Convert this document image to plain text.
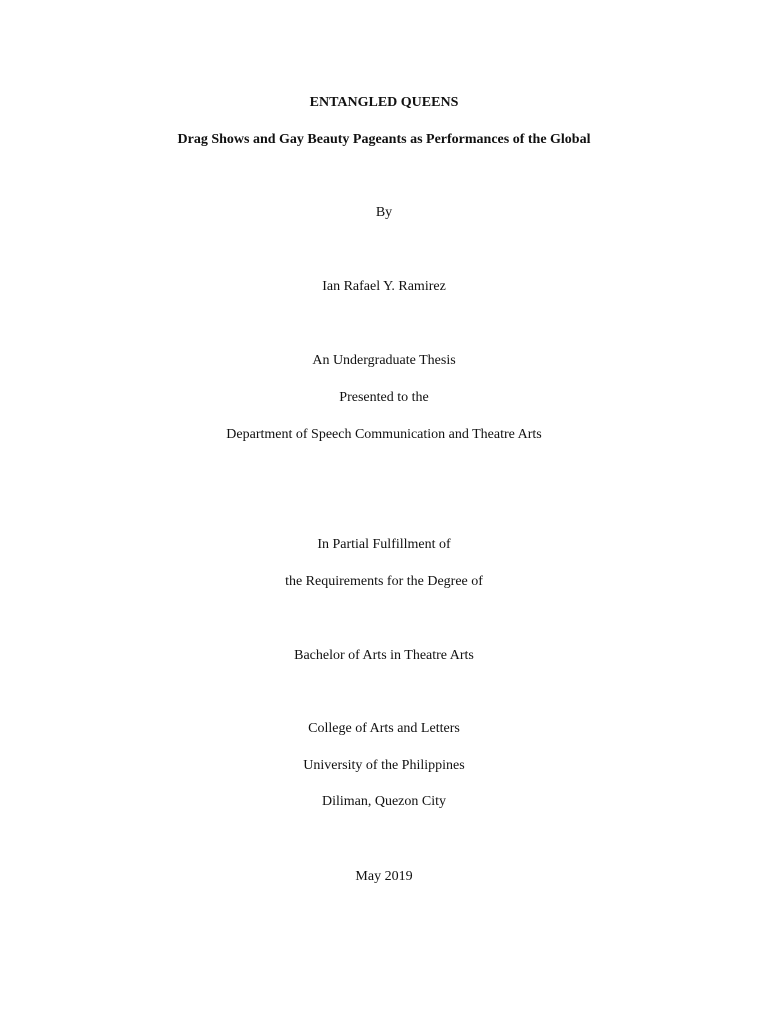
ENTANGLED QUEENS
Drag Shows and Gay Beauty Pageants as Performances of the Global
By
Ian Rafael Y. Ramirez
An Undergraduate Thesis
Presented to the
Department of Speech Communication and Theatre Arts
In Partial Fulfillment of
the Requirements for the Degree of
Bachelor of Arts in Theatre Arts
College of Arts and Letters
University of the Philippines
Diliman, Quezon City
May 2019
